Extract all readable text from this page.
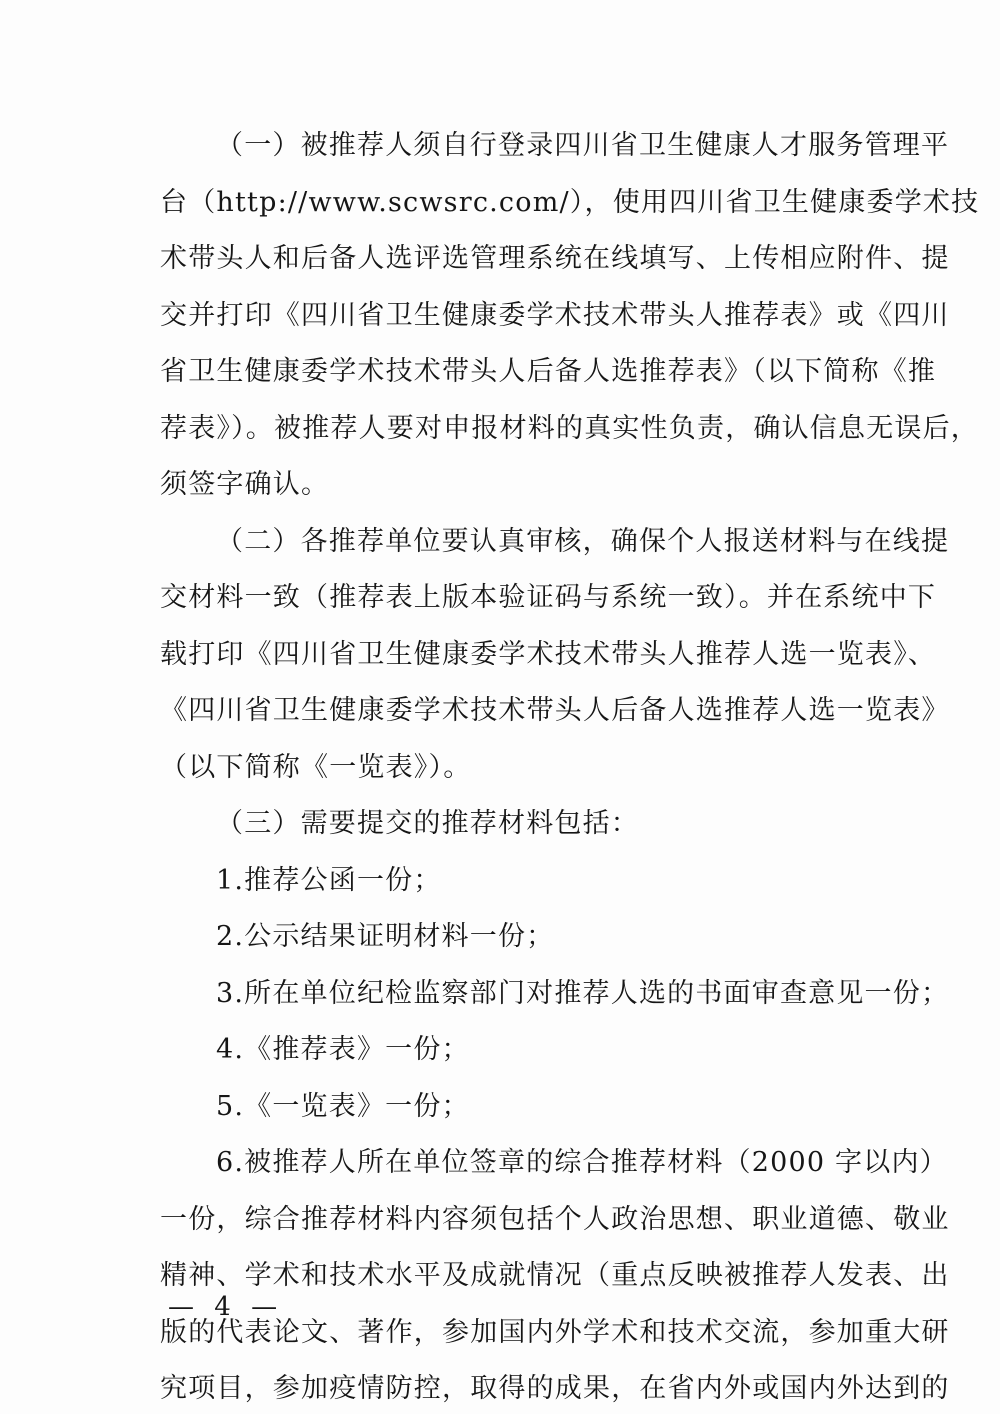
（一）被推荐人须自行登录四川省卫生健康人才服务管理平
台（http://www.scwsrc.com/），使用四川省卫生健康委学术技
术带头人和后备人选评选管理系统在线填写、上传相应附件、提
交并打印《四川省卫生健康委学术技术带头人推荐表》或《四川
省卫生健康委学术技术带头人后备人选推荐表》（以下简称《推
荐表》）。被推荐人要对申报材料的真实性负责，确认信息无误后，
须签字确认。
（二）各推荐单位要认真审核，确保个人报送材料与在线提
交材料一致（推荐表上版本验证码与系统一致）。并在系统中下
载打印《四川省卫生健康委学术技术带头人推荐人选一览表》、
《四川省卫生健康委学术技术带头人后备人选推荐人选一览表》
（以下简称《一览表》）。
（三）需要提交的推荐材料包括：
1.推荐公函一份；
2.公示结果证明材料一份；
3.所在单位纪检监察部门对推荐人选的书面审查意见一份；
4.《推荐表》一份；
5.《一览表》一份；
6.被推荐人所在单位签章的综合推荐材料（2000 字以内）
一份，综合推荐材料内容须包括个人政治思想、职业道德、敬业
精神、学术和技术水平及成就情况（重点反映被推荐人发表、出
版的代表论文、著作，参加国内外学术和技术交流，参加重大研
究项目，参加疫情防控，取得的成果，在省内外或国内外达到的
— 4 —
